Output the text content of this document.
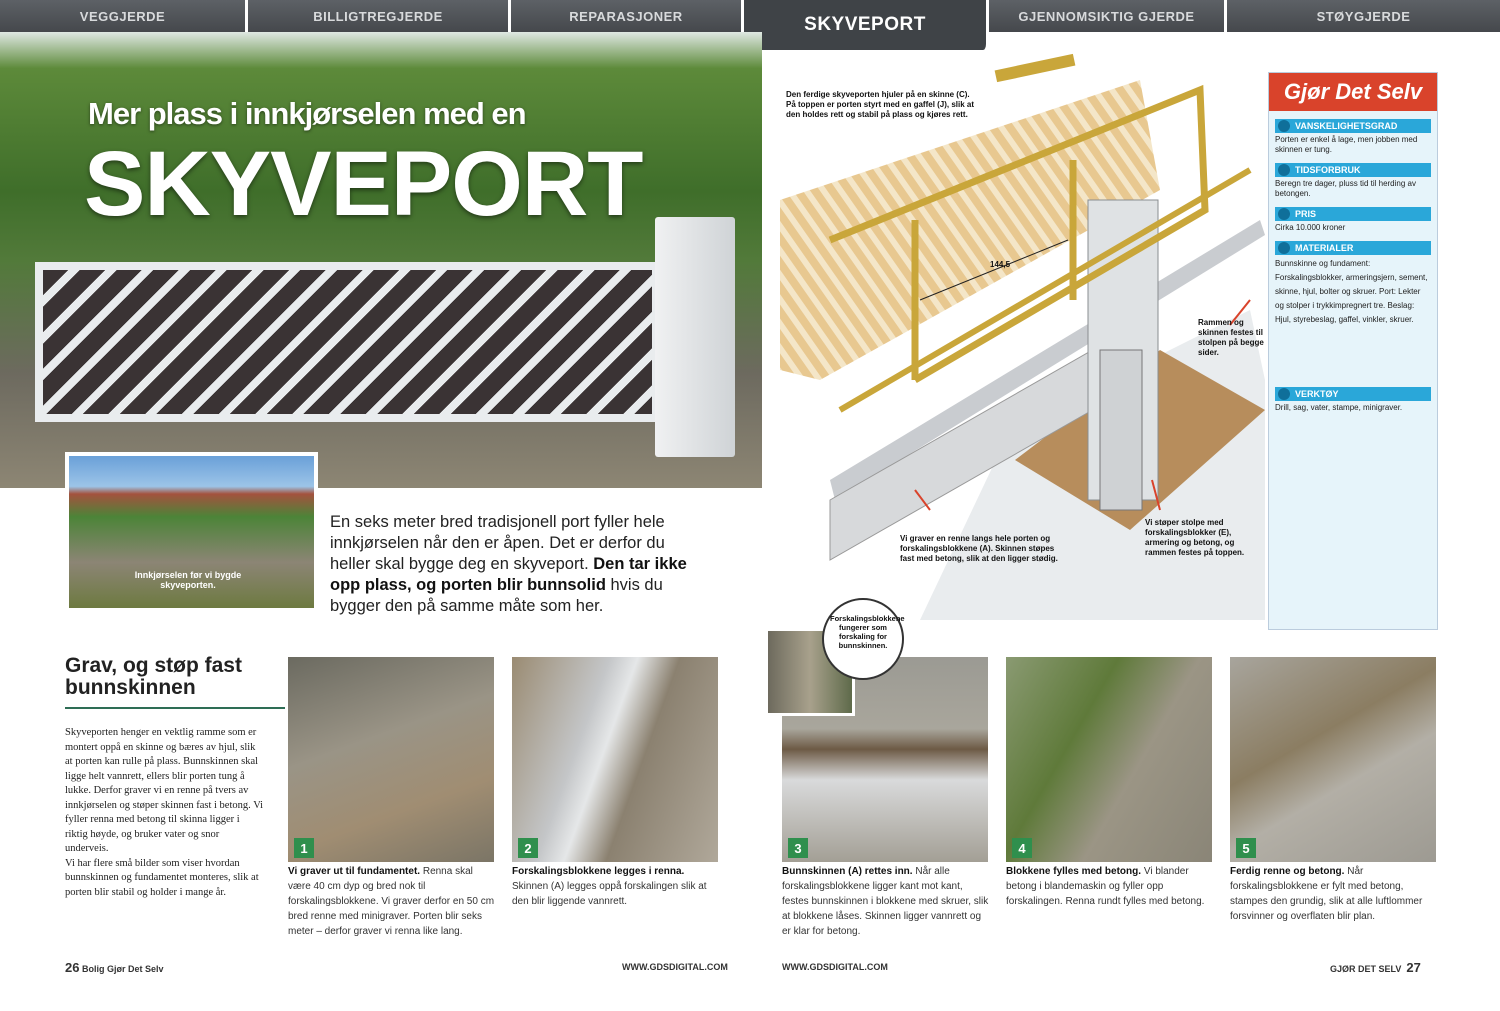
VEGGJERDE	BILLIGTREGJERDE	REPARASJONER	SKYVEPORT	GJENNOMSIKTIG GJERDE	STØYGJERDE
Mer plass i innkjørselen med en
SKYVEPORT
Innkjørselen før vi bygde skyveporten.
En seks meter bred tradisjonell port fyller hele innkjørselen når den er åpen. Det er derfor du heller skal bygge deg en skyveport. Den tar ikke opp plass, og porten blir bunnsolid hvis du bygger den på samme måte som her.
Grav, og støp fast bunnskinnen
Skyveporten henger en vektlig ramme som er montert oppå en skinne og bæres av hjul, slik at porten kan rulle på plass. Bunnskinnen skal ligge helt vannrett, ellers blir porten tung å lukke. Derfor graver vi en renne på tvers av innkjørselen og støper skinnen fast i betong. Vi fyller renna med betong til skinna ligger i riktig høyde, og bruker vater og snor underveis.
Vi har flere små bilder som viser hvordan bunnskinnen og fundamentet monteres, slik at porten blir stabil og holder i mange år.
1	2	3	4	5
Vi graver ut til fundamentet. Renna skal være 40 cm dyp og bred nok til forskalingsblokkene. Vi graver derfor en 50 cm bred renne med minigraver. Porten blir seks meter – derfor graver vi renna like lang.
Forskalingsblokkene legges i renna. Skinnen (A) legges oppå forskalingen slik at den blir liggende vannrett.
Bunnskinnen (A) rettes inn. Når alle forskalingsblokkene ligger kant mot kant, festes bunnskinnen i blokkene med skruer, slik at blokkene låses. Skinnen ligger vannrett og er klar for betong.
Blokkene fylles med betong. Vi blander betong i blandemaskin og fyller opp forskalingen. Renna rundt fylles med betong.
Ferdig renne og betong. Når forskalingsblokkene er fylt med betong, stampes den grundig, slik at alle luftlommer forsvinner og overflaten blir plan.
Den ferdige skyveporten hjuler på en skinne (C). På toppen er porten styrt med en gaffel (J), slik at den holdes rett og stabil på plass og kjøres rett.
Vi graver en renne langs hele porten og forskalingsblokkene (A). Skinnen støpes fast med betong, slik at den ligger stødig.
Vi støper stolpe med forskalingsblokker (E), armering og betong, og rammen festes på toppen.
Rammen og skinnen festes til stolpen på begge sider.
144,5
Forskalingsblokkene fungerer som forskaling for bunnskinnen.
Gjør Det Selv
VANSKELIGHETSGRAD
Porten er enkel å lage, men jobben med skinnen er tung.
TIDSFORBRUK
Beregn tre dager, pluss tid til herding av betongen.
PRIS
Cirka 10.000 kroner
MATERIALER
Bunnskinne og fundament: Forskalingsblokker, armeringsjern, sement, skinne, hjul, bolter og skruer. Port: Lekter og stolper i trykkimpregnert tre. Beslag: Hjul, styrebeslag, gaffel, vinkler, skruer.
VERKTØY
Drill, sag, vater, stampe, minigraver.
26 Bolig Gjør Det Selv	WWW.GDSDIGITAL.COM	WWW.GDSDIGITAL.COM	GJØR DET SELV 27
